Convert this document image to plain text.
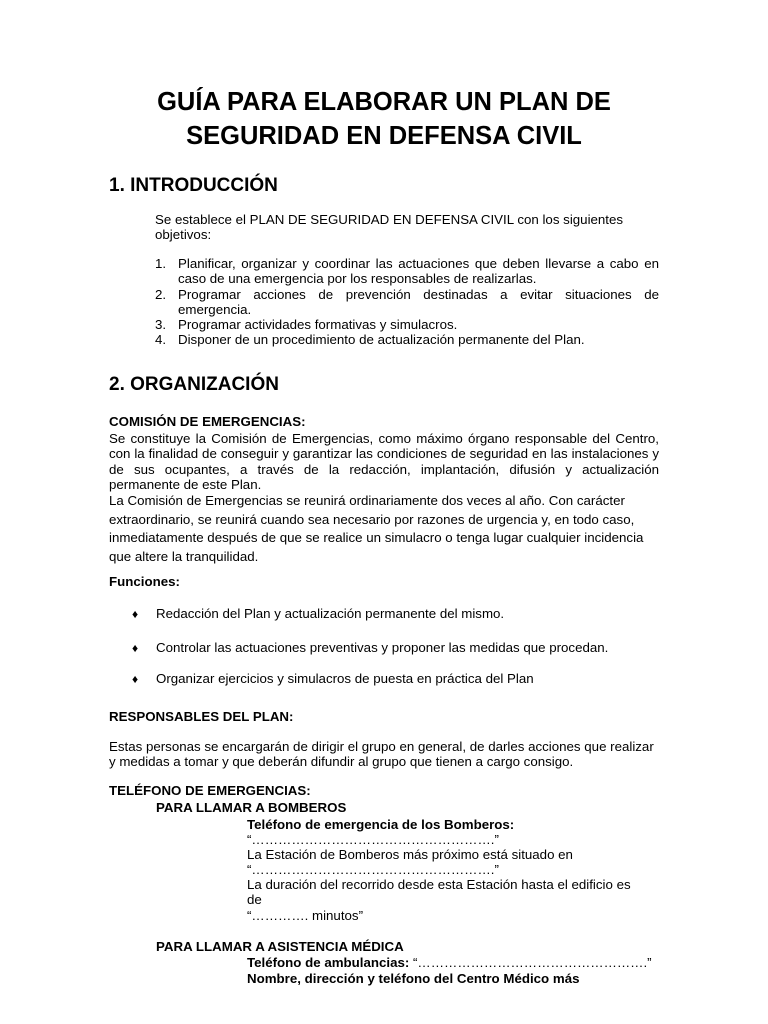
GUÍA PARA ELABORAR UN PLAN DE
SEGURIDAD EN DEFENSA CIVIL
1. INTRODUCCIÓN
Se establece el PLAN DE SEGURIDAD EN DEFENSA CIVIL con los siguientes objetivos:
1. Planificar, organizar y coordinar las actuaciones que deben llevarse a cabo en caso de una emergencia por los responsables de realizarlas.
2. Programar acciones de prevención destinadas a evitar situaciones de emergencia.
3. Programar actividades formativas y simulacros.
4. Disponer de un procedimiento de actualización permanente del Plan.
2. ORGANIZACIÓN
COMISIÓN DE EMERGENCIAS:
Se constituye la Comisión de Emergencias, como máximo órgano responsable del Centro, con la finalidad de conseguir y garantizar las condiciones de seguridad en las instalaciones y de sus ocupantes, a través de la redacción, implantación, difusión y actualización permanente de este Plan.
La Comisión de Emergencias se reunirá ordinariamente dos veces al año. Con carácter extraordinario, se reunirá cuando sea necesario por razones de urgencia y, en todo caso, inmediatamente después de que se realice un simulacro o tenga lugar cualquier incidencia que altere la tranquilidad.
Funciones:
♦ Redacción del Plan y actualización permanente del mismo.
♦ Controlar las actuaciones preventivas y proponer las medidas que procedan.
♦ Organizar ejercicios y simulacros de puesta en práctica del Plan
RESPONSABLES DEL PLAN:
Estas personas se encargarán de dirigir el grupo en general, de darles acciones que realizar y medidas a tomar y que deberán difundir al grupo que tienen a cargo consigo.
TELÉFONO DE EMERGENCIAS:
PARA LLAMAR A BOMBEROS
Teléfono de emergencia de los Bomberos:
“……………………………………………….”
La Estación de Bomberos más próximo está situado en
“……………………………………………….”
La duración del recorrido desde esta Estación hasta el edificio es
de
“…………. minutos”
PARA LLAMAR A ASISTENCIA MÉDICA
Teléfono de ambulancias: “…………………………………………….”
Nombre, dirección y teléfono del Centro Médico más
